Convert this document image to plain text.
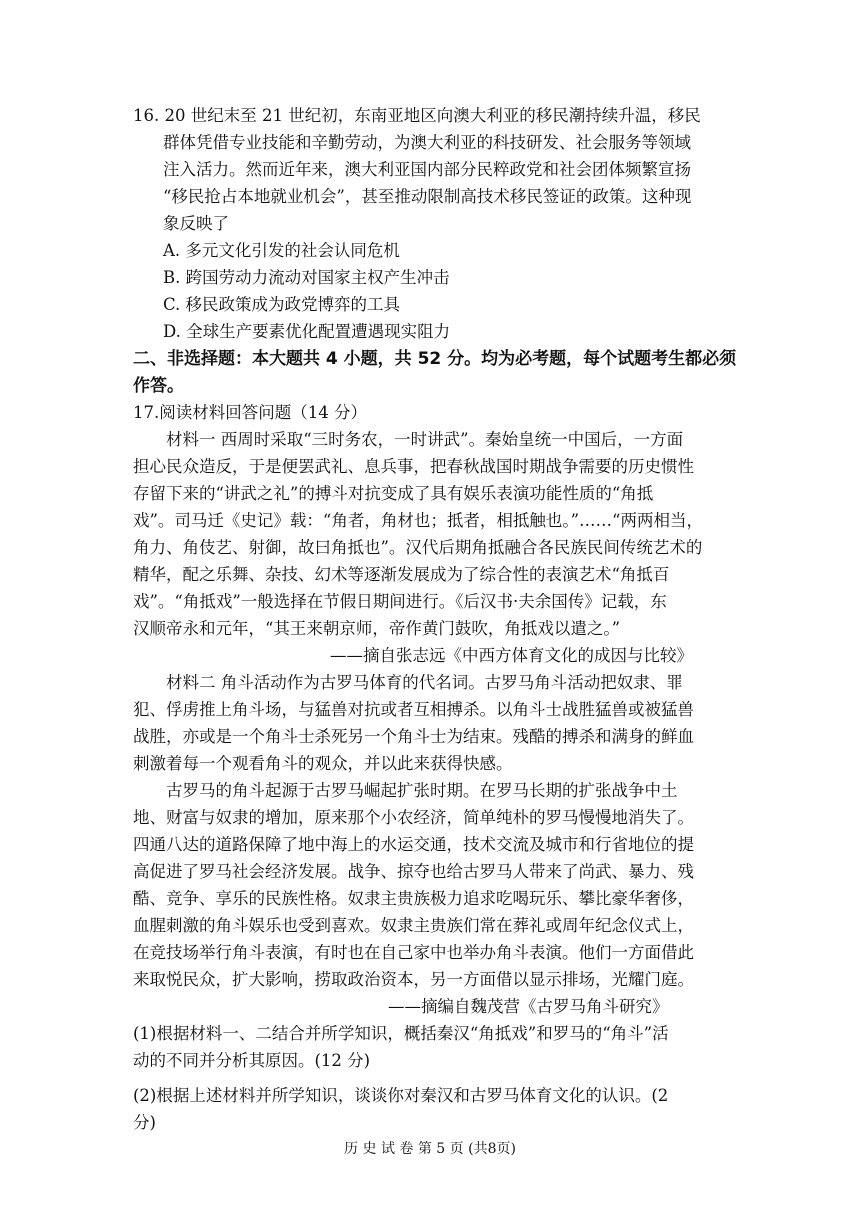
16. 20 世纪末至 21 世纪初，东南亚地区向澳大利亚的移民潮持续升温，移民
群体凭借专业技能和辛勤劳动，为澳大利亚的科技研发、社会服务等领域
注入活力。然而近年来，澳大利亚国内部分民粹政党和社会团体频繁宣扬
“移民抢占本地就业机会”，甚至推动限制高技术移民签证的政策。这种现
象反映了
A. 多元文化引发的社会认同危机
B. 跨国劳动力流动对国家主权产生冲击
C. 移民政策成为政党博弈的工具
D. 全球生产要素优化配置遭遇现实阻力
二、非选择题：本大题共 4 小题，共 52 分。均为必考题，每个试题考生都必须
作答。
17.阅读材料回答问题（14 分）
材料一 西周时采取“三时务农，一时讲武”。秦始皇统一中国后，一方面
担心民众造反，于是便罢武礼、息兵事，把春秋战国时期战争需要的历史惯性
存留下来的“讲武之礼”的搏斗对抗变成了具有娱乐表演功能性质的“角抵
戏”。司马迁《史记》载：“角者，角材也；抵者，相抵触也。”……“两两相当，
角力、角伎艺、射御，故曰角抵也”。汉代后期角抵融合各民族民间传统艺术的
精华，配之乐舞、杂技、幻术等逐渐发展成为了综合性的表演艺术“角抵百
戏”。“角抵戏”一般选择在节假日期间进行。《后汉书·夫余国传》记载，东
汉顺帝永和元年，“其王来朝京师，帝作黄门鼓吹，角抵戏以遣之。”
——摘自张志远《中西方体育文化的成因与比较》
材料二 角斗活动作为古罗马体育的代名词。古罗马角斗活动把奴隶、罪
犯、俘虏推上角斗场，与猛兽对抗或者互相搏杀。以角斗士战胜猛兽或被猛兽
战胜，亦或是一个角斗士杀死另一个角斗士为结束。残酷的搏杀和满身的鲜血
刺激着每一个观看角斗的观众，并以此来获得快感。
古罗马的角斗起源于古罗马崛起扩张时期。在罗马长期的扩张战争中土
地、财富与奴隶的增加，原来那个小农经济，简单纯朴的罗马慢慢地消失了。
四通八达的道路保障了地中海上的水运交通，技术交流及城市和行省地位的提
高促进了罗马社会经济发展。战争、掠夺也给古罗马人带来了尚武、暴力、残
酷、竞争、享乐的民族性格。奴隶主贵族极力追求吃喝玩乐、攀比豪华奢侈，
血腥刺激的角斗娱乐也受到喜欢。奴隶主贵族们常在葬礼或周年纪念仪式上，
在竞技场举行角斗表演，有时也在自己家中也举办角斗表演。他们一方面借此
来取悦民众，扩大影响，捞取政治资本，另一方面借以显示排场，光耀门庭。
——摘编自魏茂营《古罗马角斗研究》
(1)根据材料一、二结合并所学知识，概括秦汉“角抵戏”和罗马的“角斗”活
动的不同并分析其原因。(12 分)
(2)根据上述材料并所学知识，谈谈你对秦汉和古罗马体育文化的认识。(2
分)
历 史 试 卷 第 5 页 (共8页)
